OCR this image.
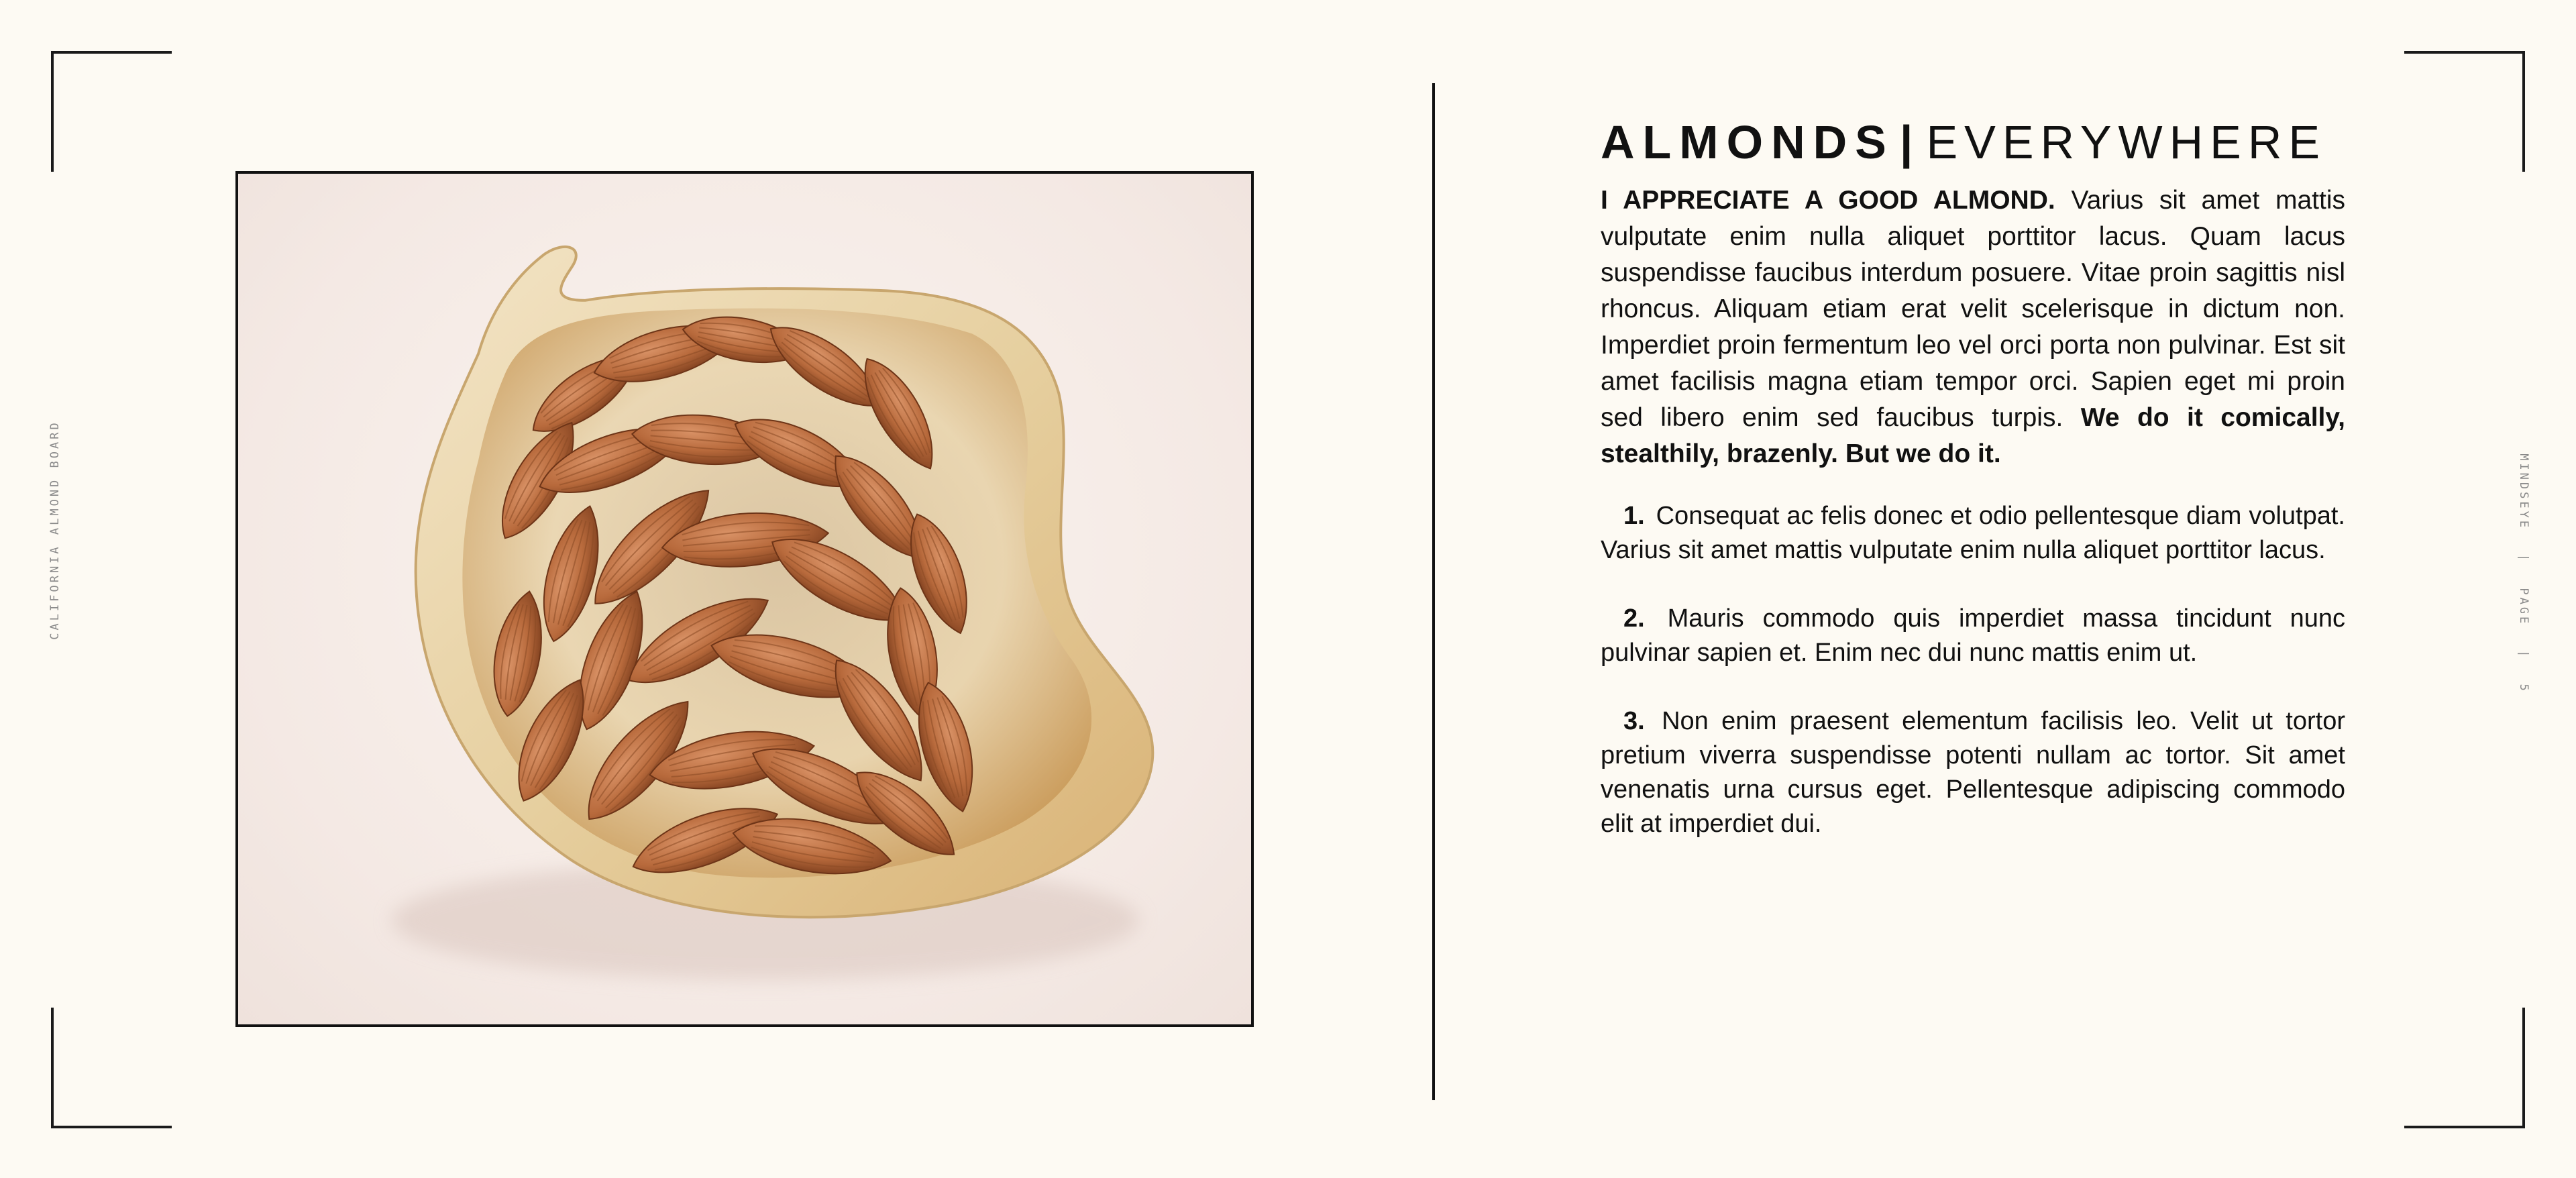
CALIFORNIA ALMOND BOARD	MINDSEYE|PAGE|5
ALMONDS | EVERYWHERE

I APPRECIATE A GOOD ALMOND. Varius sit amet mattis vulputate enim nulla aliquet porttitor lacus. Quam lacus suspendisse faucibus interdum posuere. Vitae proin sagittis nisl rhoncus. Aliquam etiam erat velit scelerisque in dictum non. Imperdiet proin fermentum leo vel orci porta non pulvinar. Est sit amet facilisis magna etiam tempor orci. Sapien eget mi proin sed libero enim sed faucibus turpis. We do it comically, stealthily, brazenly. But we do it.

1. Consequat ac felis donec et odio pellentesque diam volutpat. Varius sit amet mattis vulputate enim nulla aliquet porttitor lacus.
2. Mauris commodo quis imperdiet massa tincidunt nunc pulvinar sapien et. Enim nec dui nunc mattis enim ut.
3. Non enim praesent elementum facilisis leo. Velit ut tortor pretium viverra suspendisse potenti nullam ac tortor. Sit amet venenatis urna cursus eget. Pellentesque adipiscing commodo elit at imperdiet dui.
